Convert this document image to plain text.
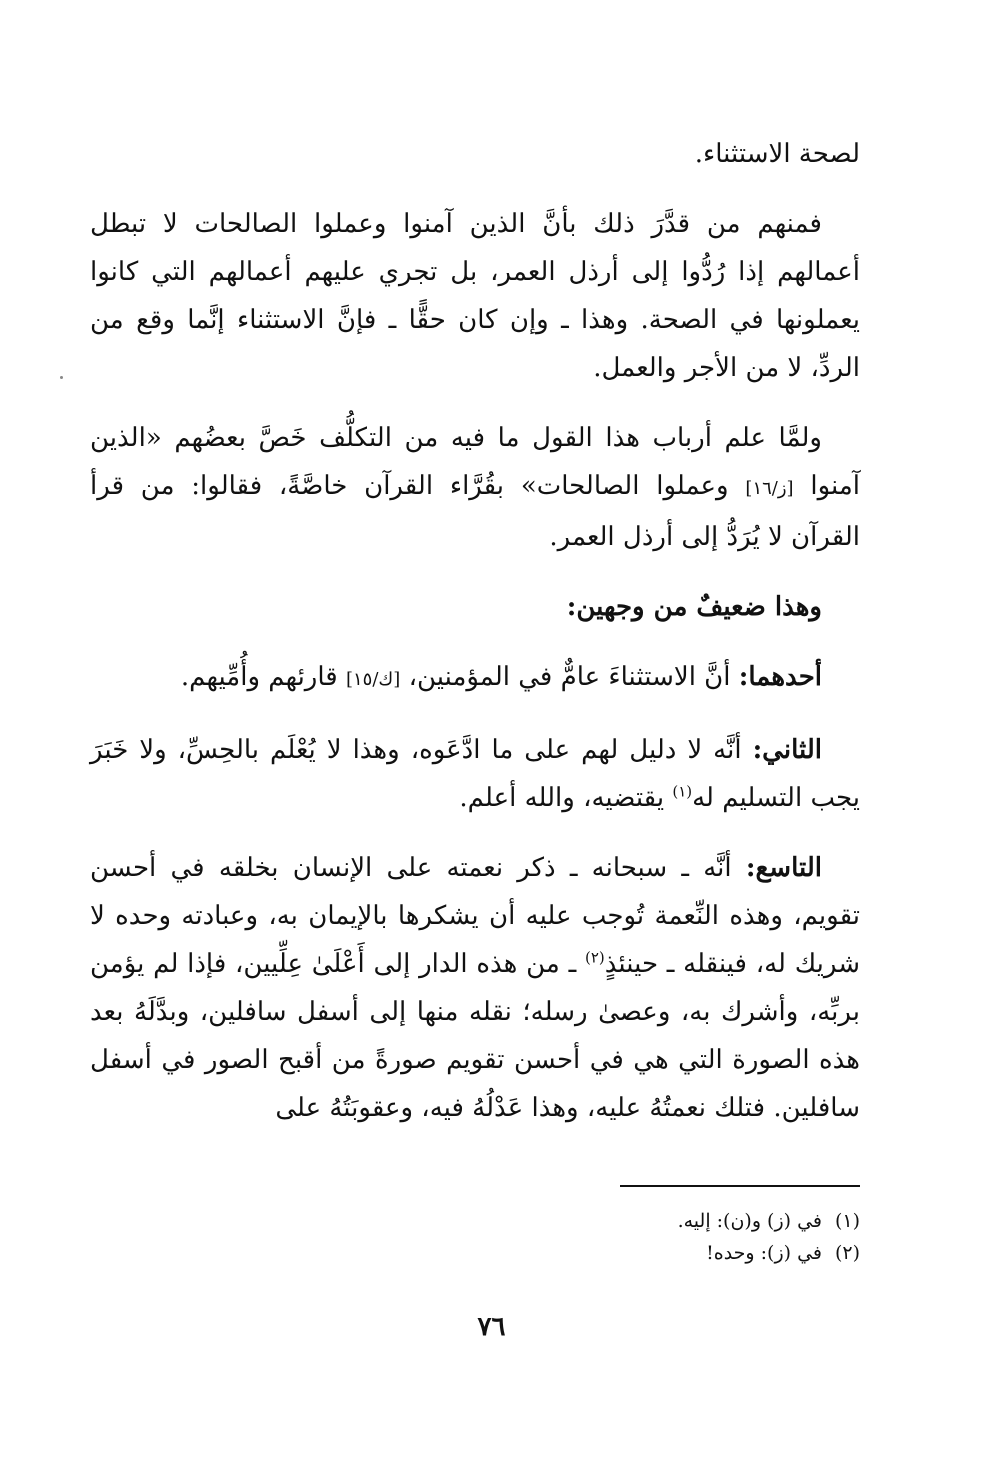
لصحة الاستثناء.

فمنهم من قدَّرَ ذلك بأنَّ الذين آمنوا وعملوا الصالحات لا تبطل أعمالهم إذا رُدُّوا إلى أرذل العمر، بل تجري عليهم أعمالهم التي كانوا يعملونها في الصحة. وهذا ـ وإن كان حقًّا ـ فإنَّ الاستثناء إنَّما وقع من الردِّ، لا من الأجر والعمل.

ولمَّا علم أرباب هذا القول ما فيه من التكلُّف خَصَّ بعضُهم «الذين آمنوا [ز/١٦] وعملوا الصالحات» بقُرَّاء القرآن خاصَّةً، فقالوا: من قرأ القرآن لا يُرَدُّ إلى أرذل العمر.

وهذا ضعيفٌ من وجهين:

أحدهما: أنَّ الاستثناءَ عامٌّ في المؤمنين، [ك/١٥] قارئهم وأُمِّيهم.

الثاني: أنَّه لا دليل لهم على ما ادَّعَوه، وهذا لا يُعْلَم بالحِسِّ، ولا خَبَرَ يجب التسليم له$^{(١)}$ يقتضيه، والله أعلم.

التاسع: أنَّه ـ سبحانه ـ ذكر نعمته على الإنسان بخلقه في أحسن تقويم، وهذه النِّعمة تُوجب عليه أن يشكرها بالإيمان به، وعبادته وحده لا شريك له، فينقله ـ حينئذٍ$^{(٢)}$ ـ من هذه الدار إلى أَعْلَىٰ عِلِّيين، فإذا لم يؤمن بربِّه، وأشرك به، وعصىٰ رسله؛ نقله منها إلى أسفل سافلين، وبدَّلَهُ بعد هذه الصورة التي هي في أحسن تقويم صورةً من أقبح الصور في أسفل سافلين. فتلك نعمتُهُ عليه، وهذا عَدْلُهُ فيه، وعقوبَتُهُ على

(١)في (ز) و(ن): إليه.
(٢)في (ز): وحده!
٧٦
